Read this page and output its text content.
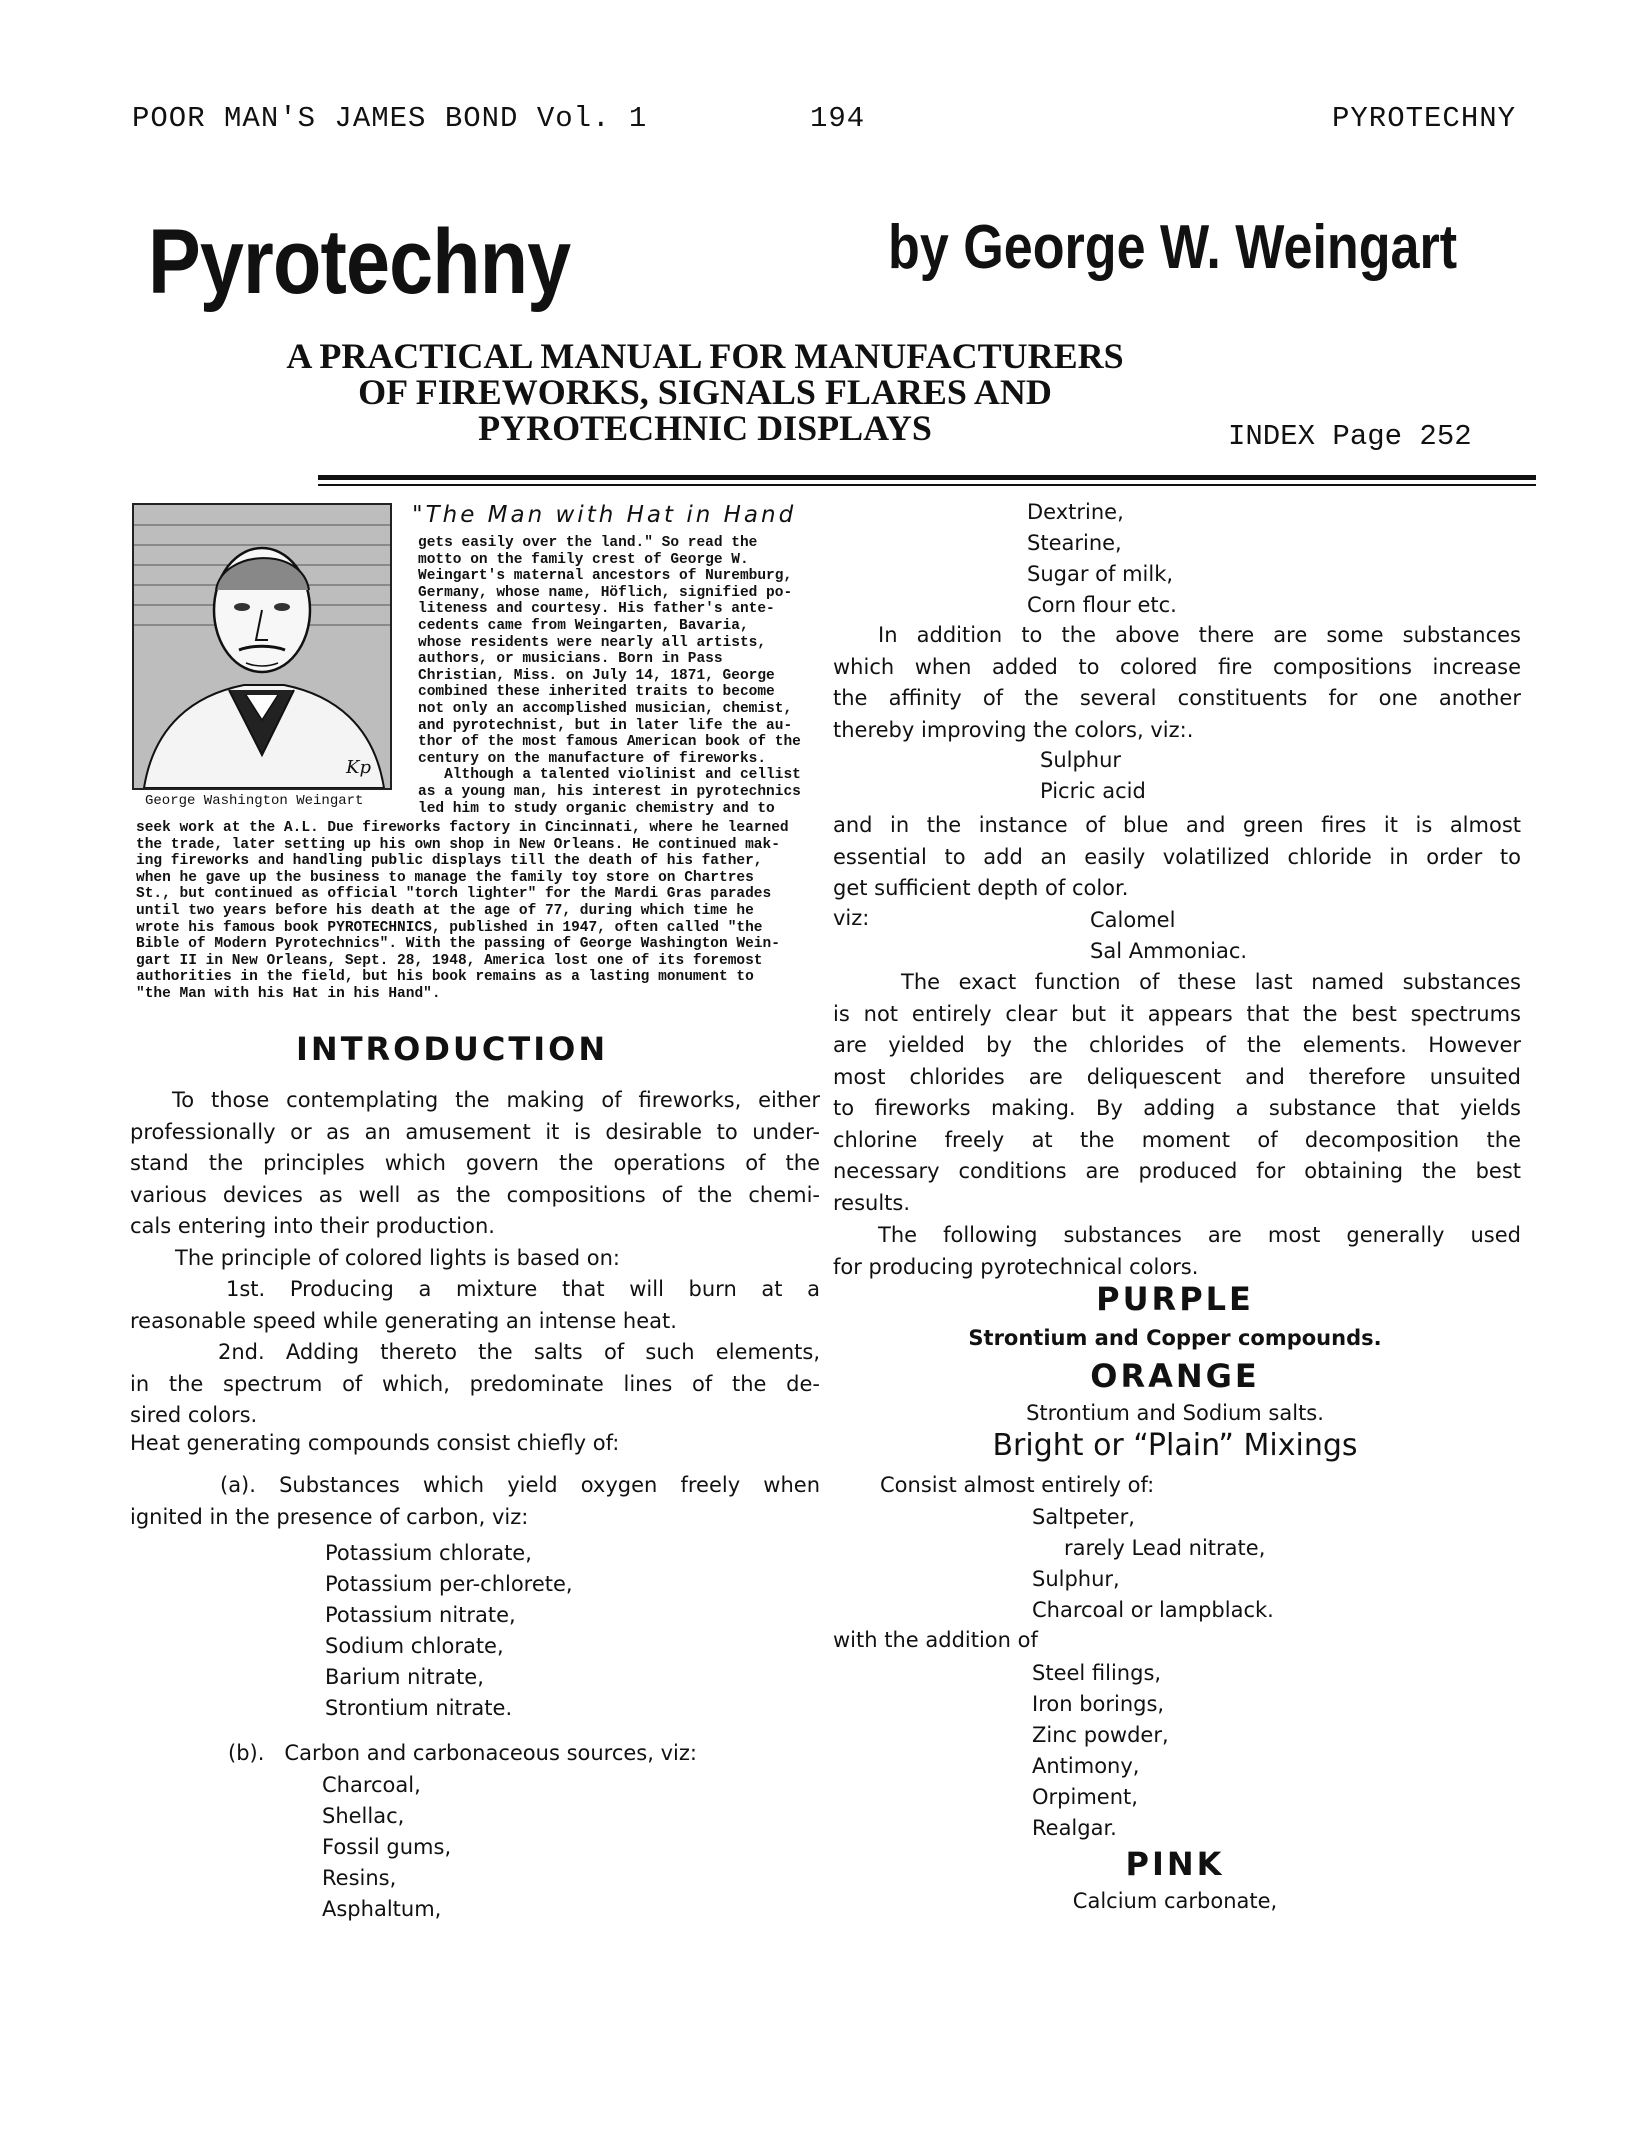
POOR MAN'S JAMES BOND Vol. 1	194	PYROTECHNY
Pyrotechny	by George W. Weingart
A PRACTICAL MANUAL FOR MANUFACTURERS
OF FIREWORKS, SIGNALS FLARES AND
PYROTECHNIC DISPLAYS	INDEX Page 252
Kp
George Washington Weingart
"The Man with Hat in Hand
gets easily over the land." So read the
motto on the family crest of George W.
Weingart's maternal ancestors of Nuremburg,
Germany, whose name, Höflich, signified po-
liteness and courtesy. His father's ante-
cedents came from Weingarten, Bavaria,
whose residents were nearly all artists,
authors, or musicians. Born in Pass
Christian, Miss. on July 14, 1871, George
combined these inherited traits to become
not only an accomplished musician, chemist,
and pyrotechnist, but in later life the au-
thor of the most famous American book of the
century on the manufacture of fireworks.
Although a talented violinist and cellist
as a young man, his interest in pyrotechnics
led him to study organic chemistry and to
seek work at the A.L. Due fireworks factory in Cincinnati, where he learned
the trade, later setting up his own shop in New Orleans. He continued mak-
ing fireworks and handling public displays till the death of his father,
when he gave up the business to manage the family toy store on Chartres
St., but continued as official "torch lighter" for the Mardi Gras parades
until two years before his death at the age of 77, during which time he
wrote his famous book PYROTECHNICS, published in 1947, often called "the
Bible of Modern Pyrotechnics". With the passing of George Washington Wein-
gart II in New Orleans, Sept. 28, 1948, America lost one of its foremost
authorities in the field, but his book remains as a lasting monument to
"the Man with his Hat in his Hand".
INTRODUCTION
To those contemplating the making of fireworks, either
professionally or as an amusement it is desirable to under-
stand the principles which govern the operations of the
various devices as well as the compositions of the chemi-
cals entering into their production.
The principle of colored lights is based on:
1st. Producing a mixture that will burn at a
reasonable speed while generating an intense heat.
2nd. Adding thereto the salts of such elements,
in the spectrum of which, predominate lines of the de-
sired colors.
Heat generating compounds consist chiefly of:
(a). Substances which yield oxygen freely when
ignited in the presence of carbon, viz:
Potassium chlorate,
Potassium per-chlorete,
Potassium nitrate,
Sodium chlorate,
Barium nitrate,
Strontium nitrate.
(b).   Carbon and carbonaceous sources, viz:
Charcoal,
Shellac,
Fossil gums,
Resins,
Asphaltum,
Dextrine,
Stearine,
Sugar of milk,
Corn flour etc.
In addition to the above there are some substances
which when added to colored fire compositions increase
the affinity of the several constituents for one another
thereby improving the colors, viz:.
Sulphur
Picric acid
and in the instance of blue and green fires it is almost
essential to add an easily volatilized chloride in order to
get sufficient depth of color.
viz:	Calomel
Sal Ammoniac.
The exact function of these last named substances
is not entirely clear but it appears that the best spectrums
are yielded by the chlorides of the elements. However
most chlorides are deliquescent and therefore unsuited
to fireworks making. By adding a substance that yields
chlorine freely at the moment of decomposition the
necessary conditions are produced for obtaining the best
results.
The following substances are most generally used
for producing pyrotechnical colors.
PURPLE
Strontium and Copper compounds.
ORANGE
Strontium and Sodium salts.
Bright or “Plain” Mixings
Consist almost entirely of:
Saltpeter,
rarely Lead nitrate,
Sulphur,
Charcoal or lampblack.
with the addition of
Steel filings,
Iron borings,
Zinc powder,
Antimony,
Orpiment,
Realgar.
PINK
Calcium carbonate,
